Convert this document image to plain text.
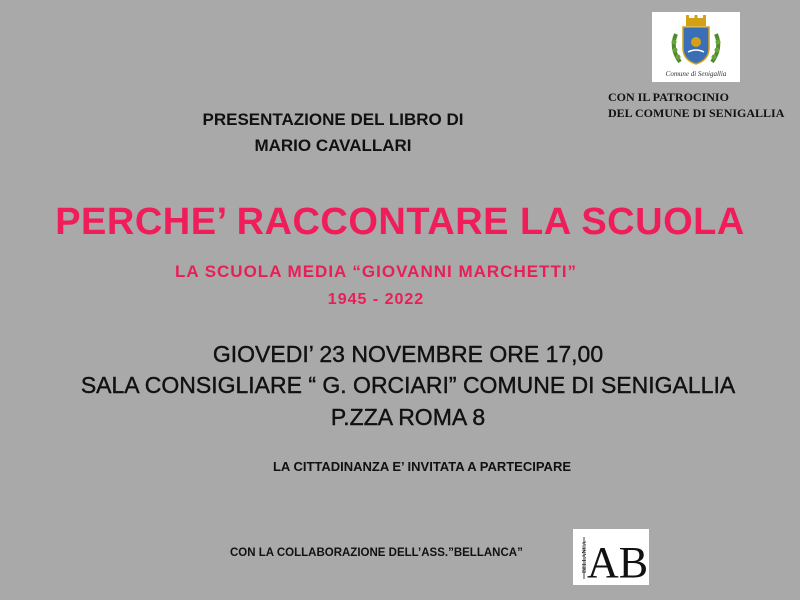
Comune di Senigallia
CON IL PATROCINIO
DEL COMUNE DI SENIGALLIA
PRESENTAZIONE DEL LIBRO DI
MARIO CAVALLARI
PERCHE’ RACCONTARE LA SCUOLA
LA SCUOLA MEDIA “GIOVANNI MARCHETTI”
1945 - 2022
GIOVEDI’ 23 NOVEMBRE ORE 17,00
SALA CONSIGLIARE “ G. ORCIARI” COMUNE DI SENIGALLIA
P.ZZA ROMA 8
LA CITTADINANZA E’ INVITATA A PARTECIPARE
CON LA COLLABORAZIONE DELL’ASS.”BELLANCA” AB
BELLANCA
